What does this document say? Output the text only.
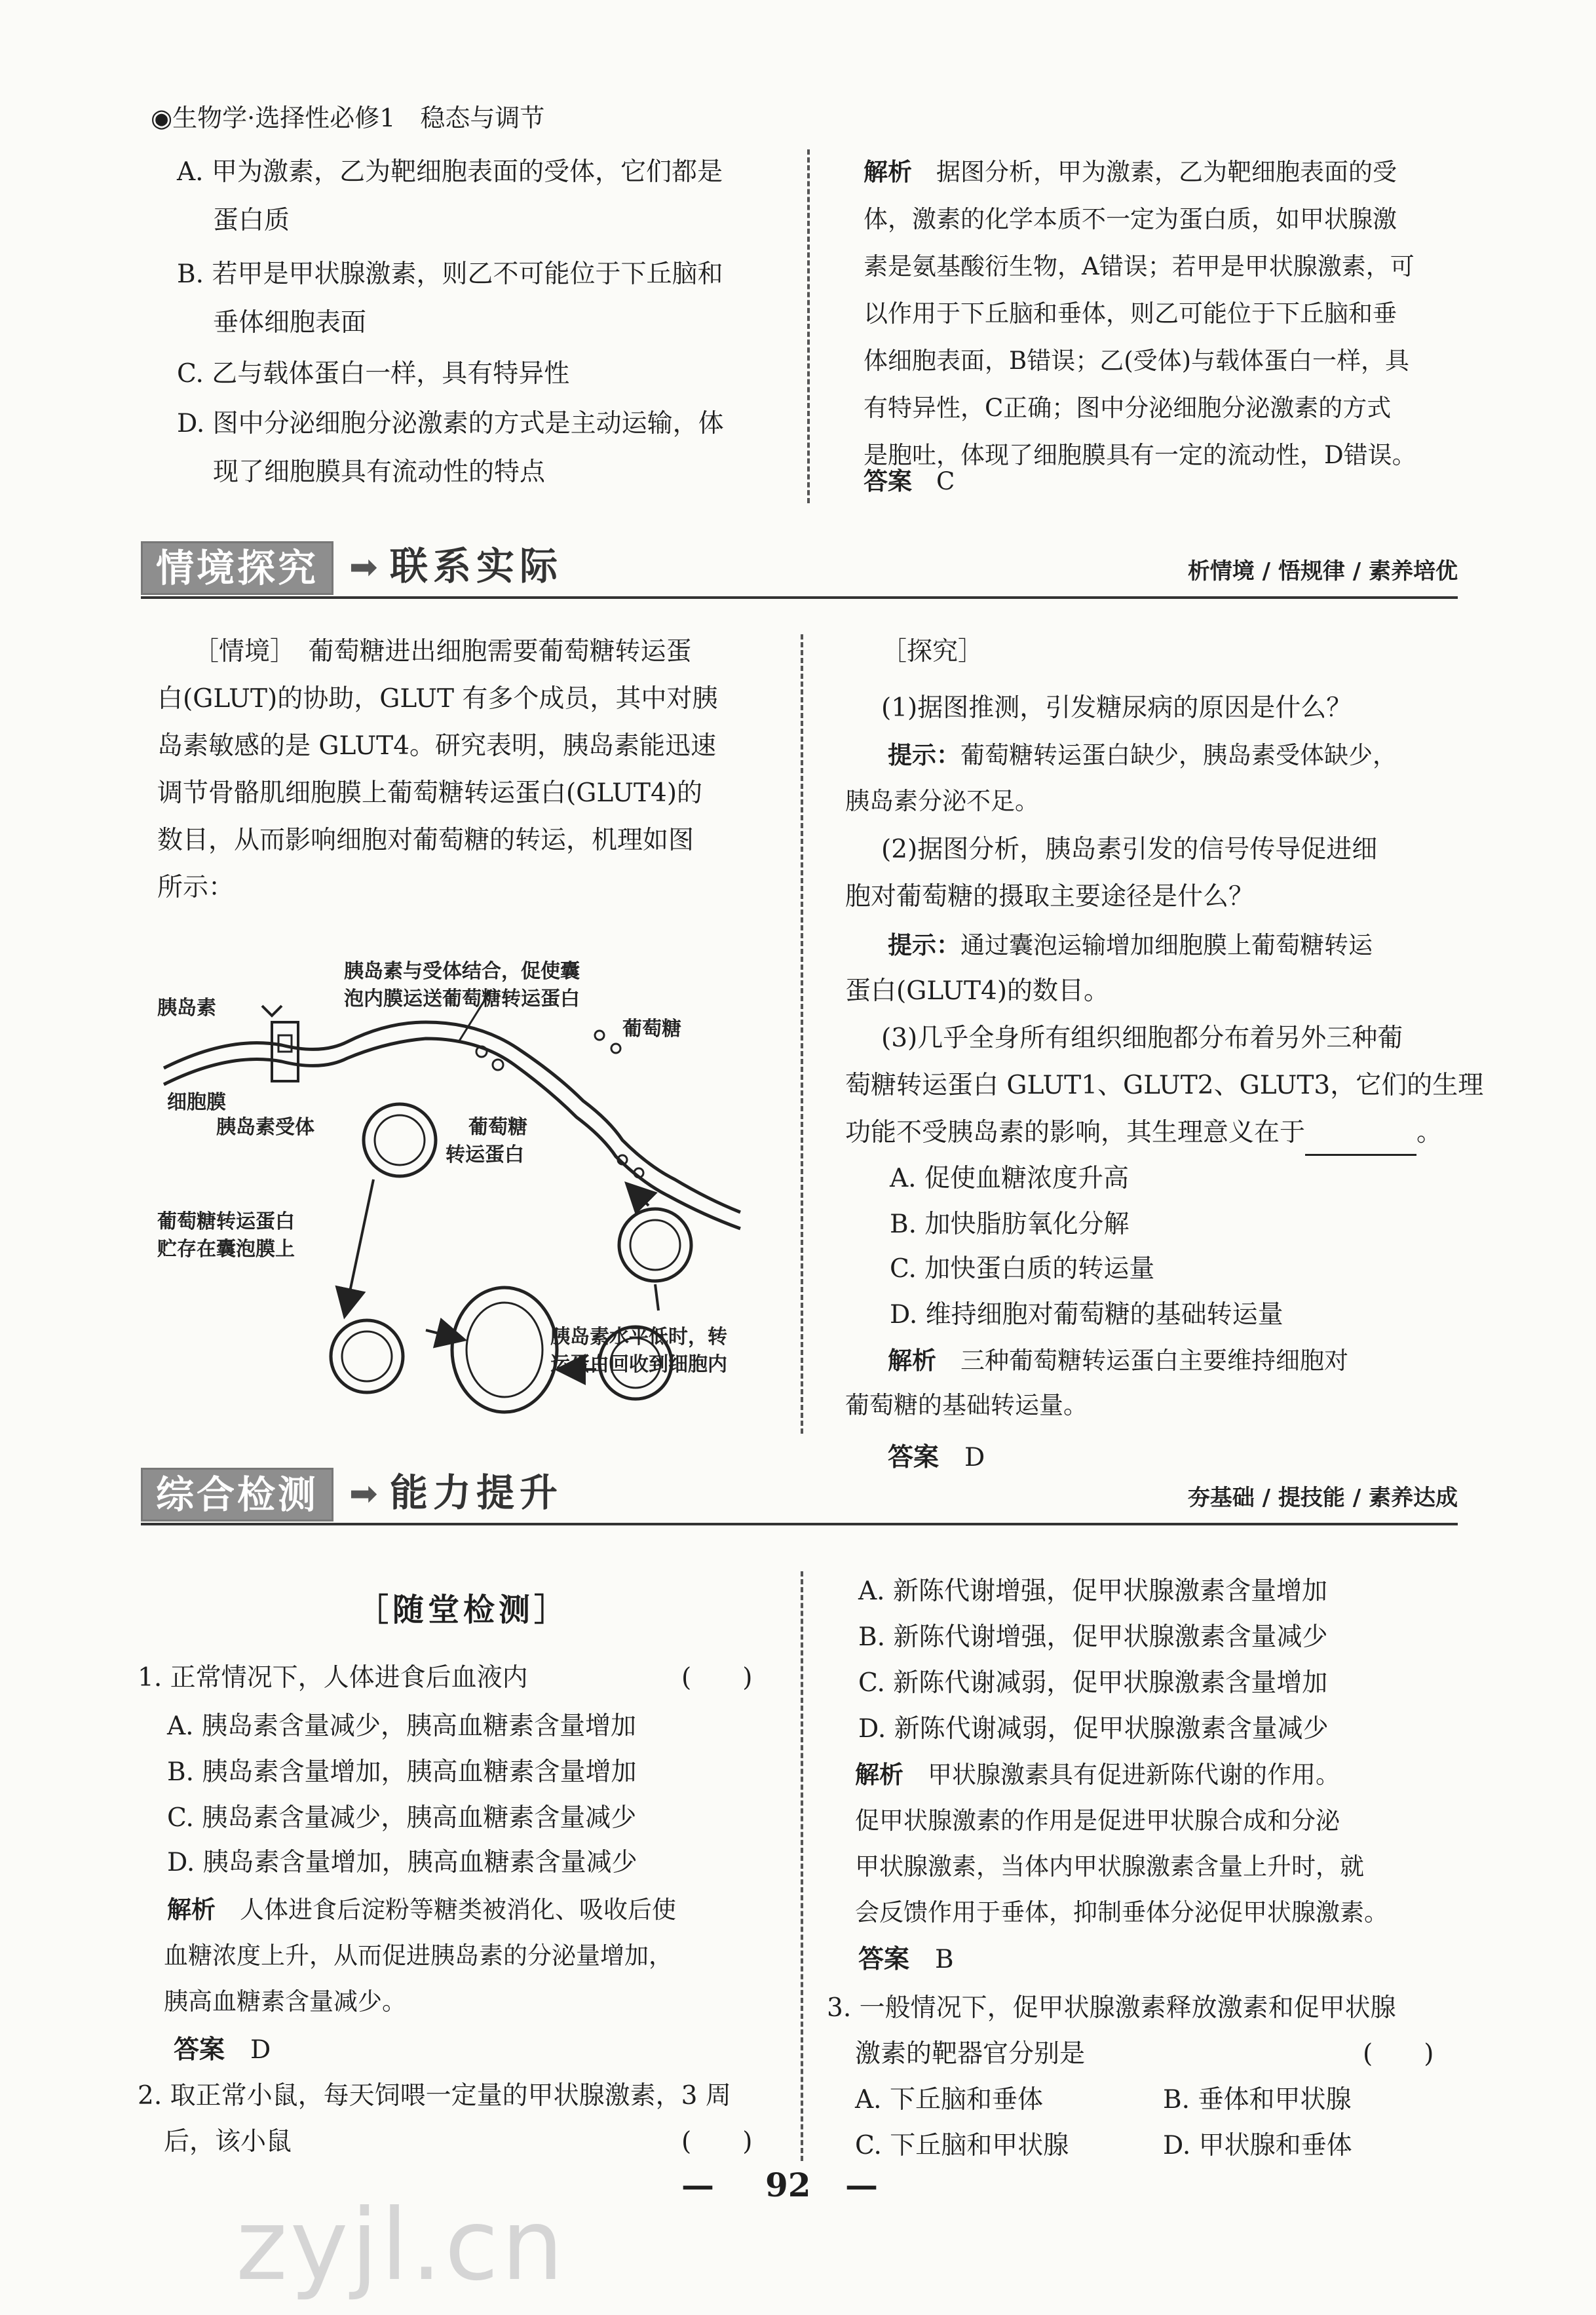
◉生物学·选择性必修1　稳态与调节
A. 甲为激素，乙为靶细胞表面的受体，它们都是
蛋白质
B. 若甲是甲状腺激素，则乙不可能位于下丘脑和
垂体细胞表面
C. 乙与载体蛋白一样，具有特异性
D. 图中分泌细胞分泌激素的方式是主动运输，体
现了细胞膜具有流动性的特点
解析　 据图分析，甲为激素，乙为靶细胞表面的受
体，激素的化学本质不一定为蛋白质，如甲状腺激
素是氨基酸衍生物，A错误；若甲是甲状腺激素，可
以作用于下丘脑和垂体，则乙可能位于下丘脑和垂
体细胞表面，B错误；乙(受体)与载体蛋白一样，具
有特异性，C正确；图中分泌细胞分泌激素的方式
是胞吐，体现了细胞膜具有一定的流动性，D错误。
答案　 C
情境探究 ➡ 联系实际	析情境 / 悟规律 / 素养培优
［情境］　葡萄糖进出细胞需要葡萄糖转运蛋
白(GLUT)的协助，GLUT 有多个成员，其中对胰
岛素敏感的是 GLUT4。研究表明，胰岛素能迅速
调节骨骼肌细胞膜上葡萄糖转运蛋白(GLUT4)的
数目，从而影响细胞对葡萄糖的转运，机理如图
所示：
胰岛素与受体结合，促使囊
泡内膜运送葡萄糖转运蛋白
胰岛素
葡萄糖
细胞膜
胰岛素受体	葡萄糖
转运蛋白
葡萄糖转运蛋白
贮存在囊泡膜上
胰岛素水平低时，转
运蛋白回收到细胞内
［探究］
(1)据图推测，引发糖尿病的原因是什么？
提示：葡萄糖转运蛋白缺少，胰岛素受体缺少，
胰岛素分泌不足。
(2)据图分析，胰岛素引发的信号传导促进细
胞对葡萄糖的摄取主要途径是什么？
提示：通过囊泡运输增加细胞膜上葡萄糖转运
蛋白(GLUT4)的数目。
(3)几乎全身所有组织细胞都分布着另外三种葡
萄糖转运蛋白 GLUT1、GLUT2、GLUT3，它们的生理
功能不受胰岛素的影响，其生理意义在于	。
A. 促使血糖浓度升高
B. 加快脂肪氧化分解
C. 加快蛋白质的转运量
D. 维持细胞对葡萄糖的基础转运量
解析　 三种葡萄糖转运蛋白主要维持细胞对
葡萄糖的基础转运量。
答案　 D
综合检测 ➡ 能力提升	夯基础 / 提技能 / 素养达成
［随堂检测］
1. 正常情况下，人体进食后血液内	(　　)
A. 胰岛素含量减少，胰高血糖素含量增加
B. 胰岛素含量增加，胰高血糖素含量增加
C. 胰岛素含量减少，胰高血糖素含量减少
D. 胰岛素含量增加，胰高血糖素含量减少
解析　 人体进食后淀粉等糖类被消化、吸收后使
血糖浓度上升，从而促进胰岛素的分泌量增加，
胰高血糖素含量减少。
答案　 D
2. 取正常小鼠，每天饲喂一定量的甲状腺激素，3 周
后，该小鼠	(　　)
A. 新陈代谢增强，促甲状腺激素含量增加
B. 新陈代谢增强，促甲状腺激素含量减少
C. 新陈代谢减弱，促甲状腺激素含量增加
D. 新陈代谢减弱，促甲状腺激素含量减少
解析　 甲状腺激素具有促进新陈代谢的作用。
促甲状腺激素的作用是促进甲状腺合成和分泌
甲状腺激素，当体内甲状腺激素含量上升时，就
会反馈作用于垂体，抑制垂体分泌促甲状腺激素。
答案　 B
3. 一般情况下，促甲状腺激素释放激素和促甲状腺
激素的靶器官分别是	(　　)
A. 下丘脑和垂体	B. 垂体和甲状腺
C. 下丘脑和甲状腺	D. 甲状腺和垂体
— 92 —
zyjl.cn
